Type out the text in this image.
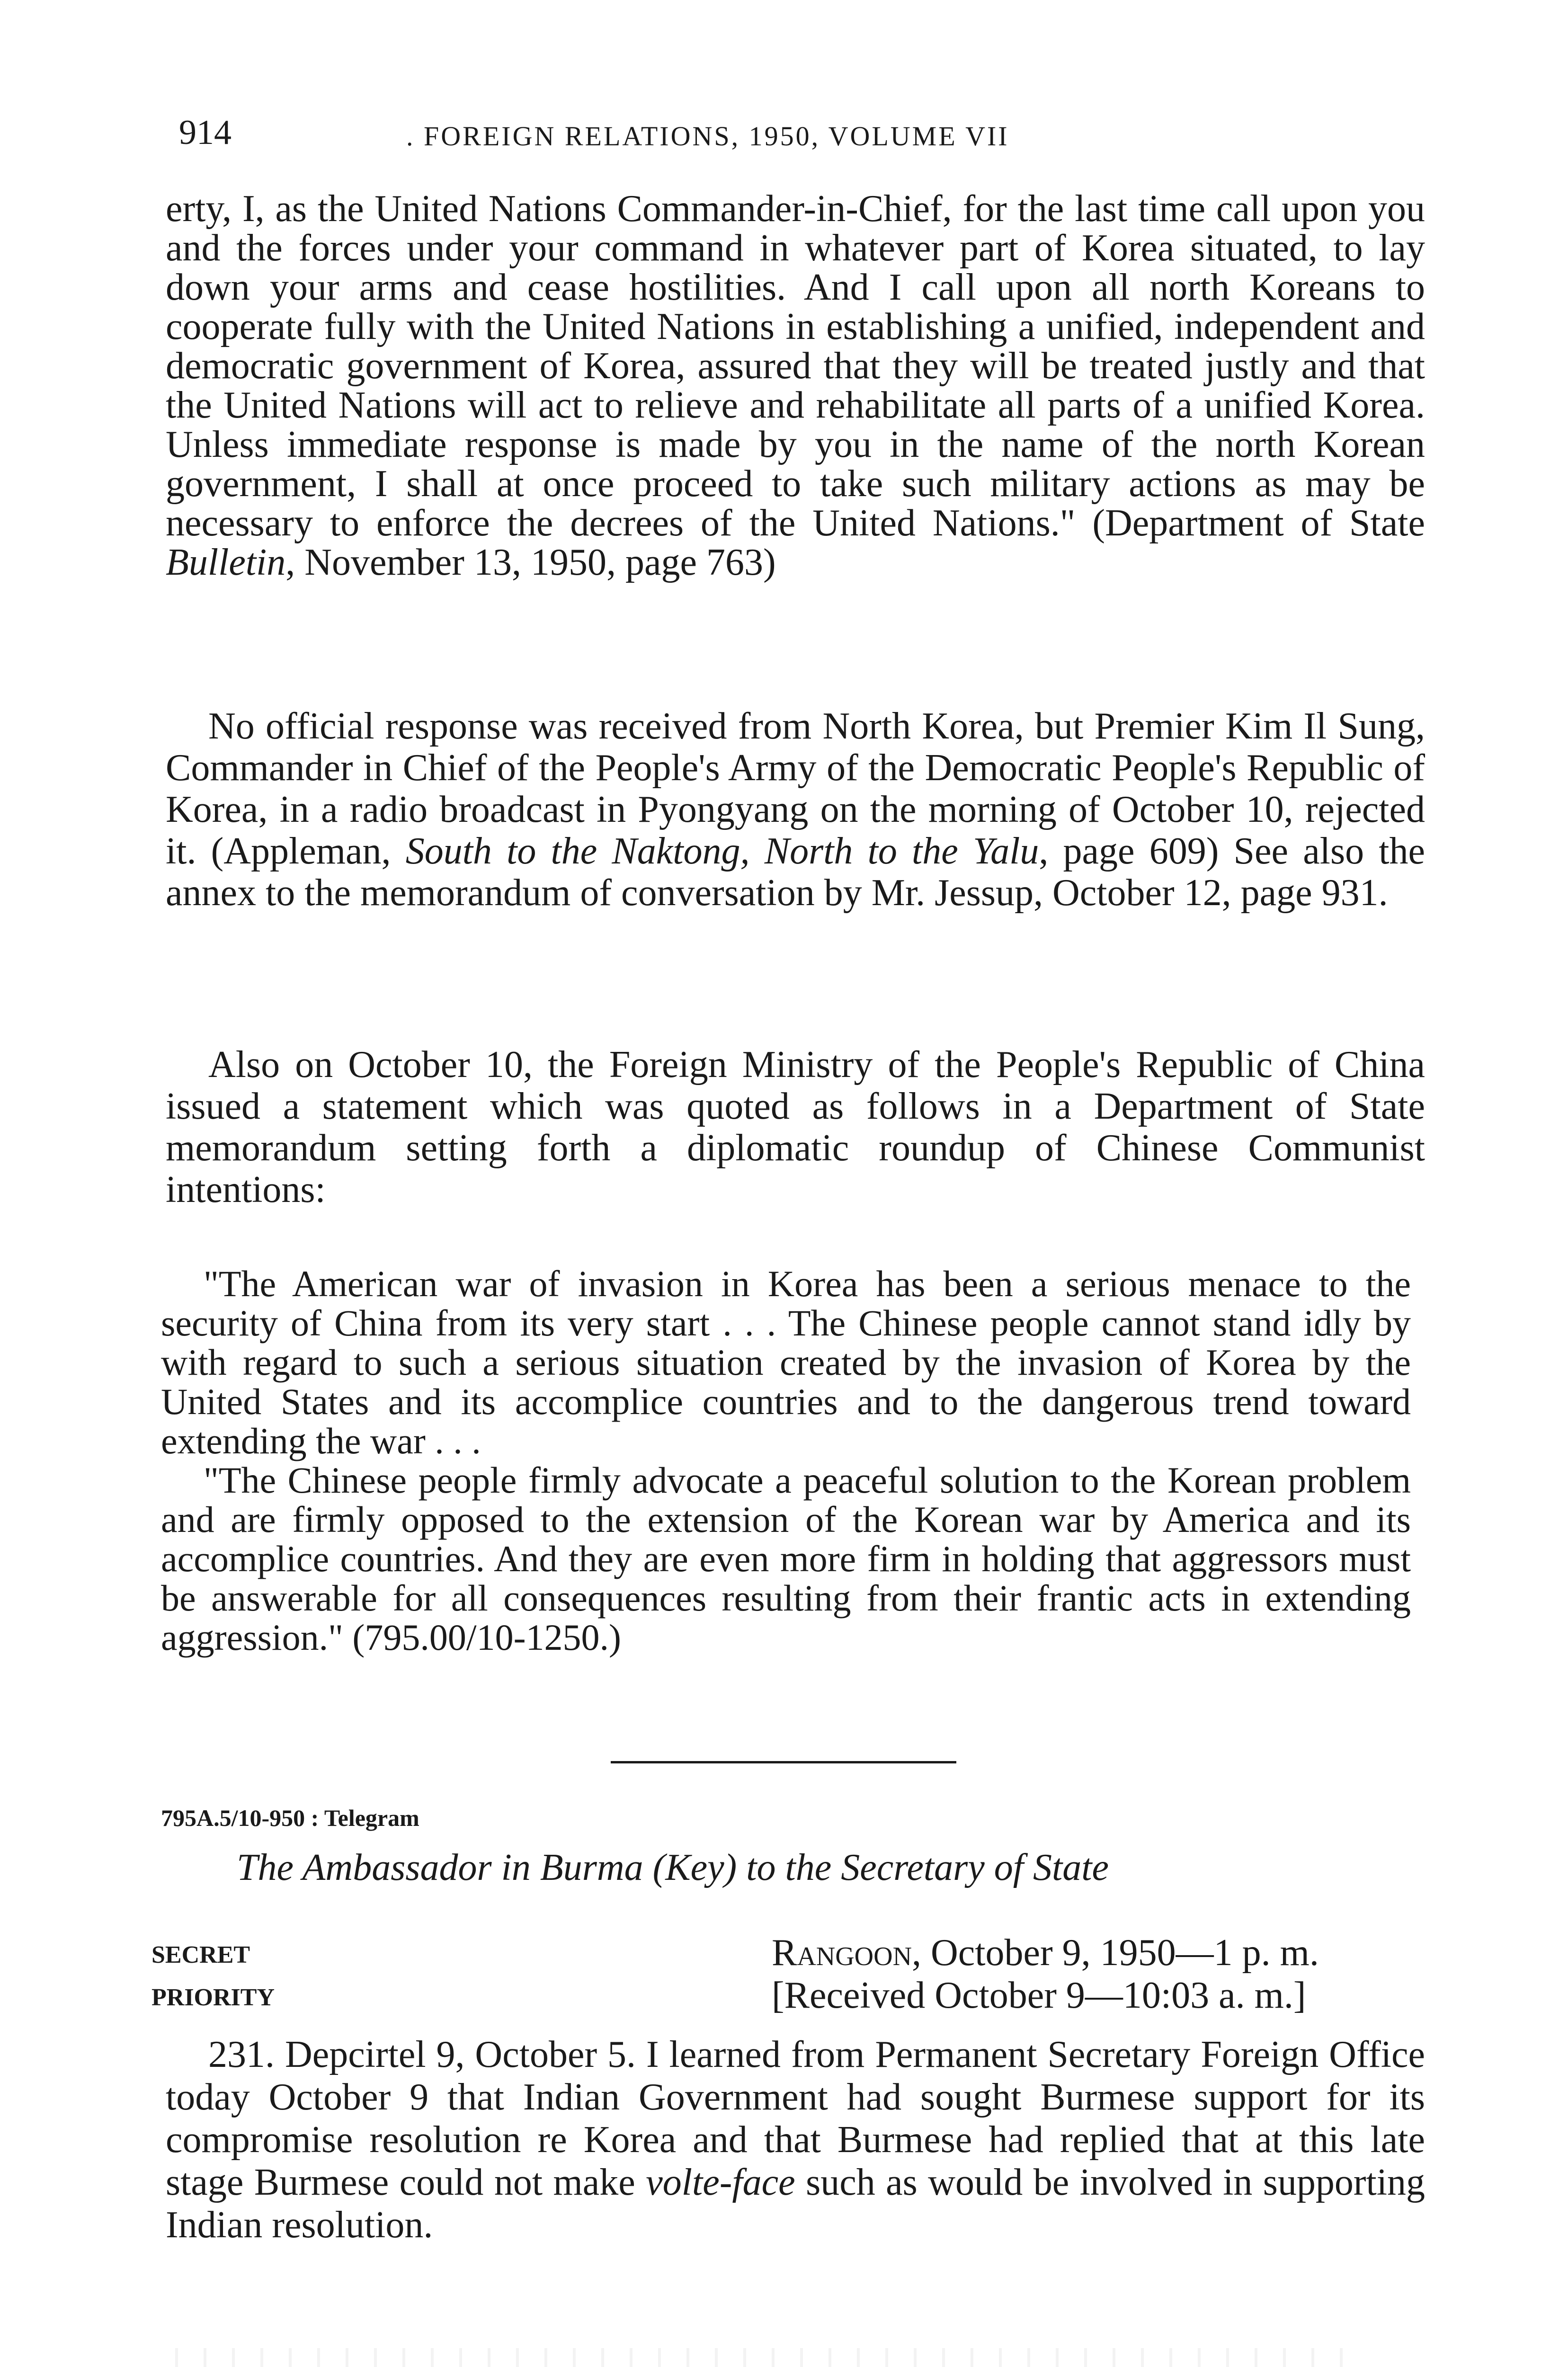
914	. FOREIGN RELATIONS, 1950, VOLUME VII

erty, I, as the United Nations Commander-in-Chief, for the last time call upon you and the forces under your command in whatever part of Korea situated, to lay down your arms and cease hostilities. And I call upon all north Koreans to cooperate fully with the United Nations in establishing a unified, independent and democratic government of Korea, assured that they will be treated justly and that the United Nations will act to relieve and rehabilitate all parts of a unified Korea. Unless immediate response is made by you in the name of the north Korean government, I shall at once proceed to take such military actions as may be necessary to enforce the decrees of the United Nations." (Department of State Bulletin, November 13, 1950, page 763)

No official response was received from North Korea, but Premier Kim Il Sung, Commander in Chief of the People's Army of the Democratic People's Republic of Korea, in a radio broadcast in Pyongyang on the morning of October 10, rejected it. (Appleman, South to the Naktong, North to the Yalu, page 609) See also the annex to the memorandum of conversation by Mr. Jessup, October 12, page 931.

Also on October 10, the Foreign Ministry of the People's Republic of China issued a statement which was quoted as follows in a Department of State memorandum setting forth a diplomatic roundup of Chinese Communist intentions:

"The American war of invasion in Korea has been a serious menace to the security of China from its very start . . . The Chinese people cannot stand idly by with regard to such a serious situation created by the invasion of Korea by the United States and its accomplice countries and to the dangerous trend toward extending the war . . .

"The Chinese people firmly advocate a peaceful solution to the Korean problem and are firmly opposed to the extension of the Korean war by America and its accomplice countries. And they are even more firm in holding that aggressors must be answerable for all consequences resulting from their frantic acts in extending aggression." (795.00/10-1250.)

795A.5/10-950 : Telegram
The Ambassador in Burma (Key) to the Secretary of State
SECRET
PRIORITY
Rangoon, October 9, 1950—1 p. m.
[Received October 9—10:03 a. m.]

231. Depcirtel 9, October 5. I learned from Permanent Secretary Foreign Office today October 9 that Indian Government had sought Burmese support for its compromise resolution re Korea and that Burmese had replied that at this late stage Burmese could not make volte-face such as would be involved in supporting Indian resolution.
